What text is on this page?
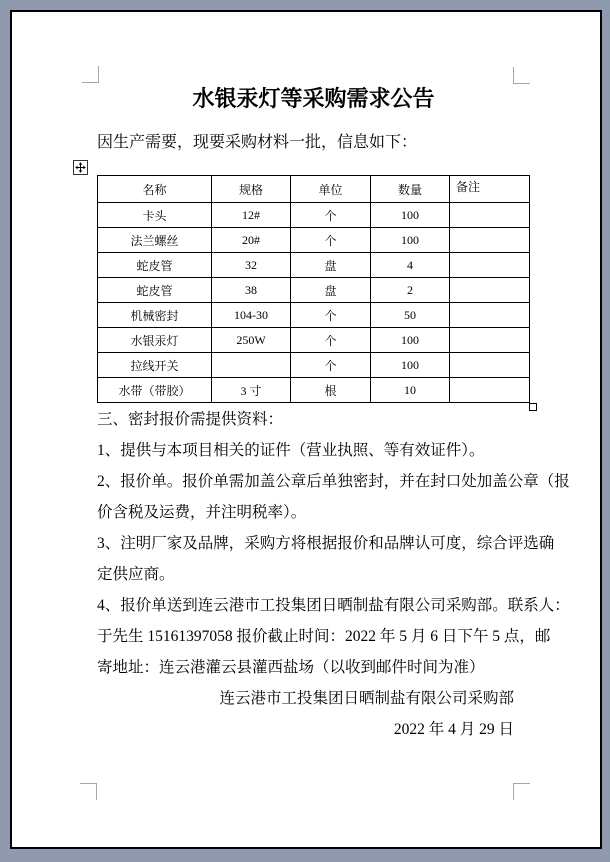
水银汞灯等采购需求公告

因生产需要，现要采购材料一批，信息如下：

名称	规格	单位	数量	备注
卡头	12#	个	100	
法兰螺丝	20#	个	100	
蛇皮管	32	盘	4	
蛇皮管	38	盘	2	
机械密封	104-30	个	50	
水银汞灯	250W	个	100	
拉线开关		个	100	
水带（带胶）	3 寸	根	10	

三、密封报价需提供资料：

1、提供与本项目相关的证件（营业执照、等有效证件）。

2、报价单。报价单需加盖公章后单独密封，并在封口处加盖公章（报

价含税及运费，并注明税率）。

3、注明厂家及品牌，采购方将根据报价和品牌认可度，综合评选确

定供应商。

4、报价单送到连云港市工投集团日晒制盐有限公司采购部。联系人：

于先生 15161397058 报价截止时间：2022 年 5 月 6 日下午 5 点，邮

寄地址：连云港灌云县灌西盐场（以收到邮件时间为准）

连云港市工投集团日晒制盐有限公司采购部

2022 年 4 月 29 日
